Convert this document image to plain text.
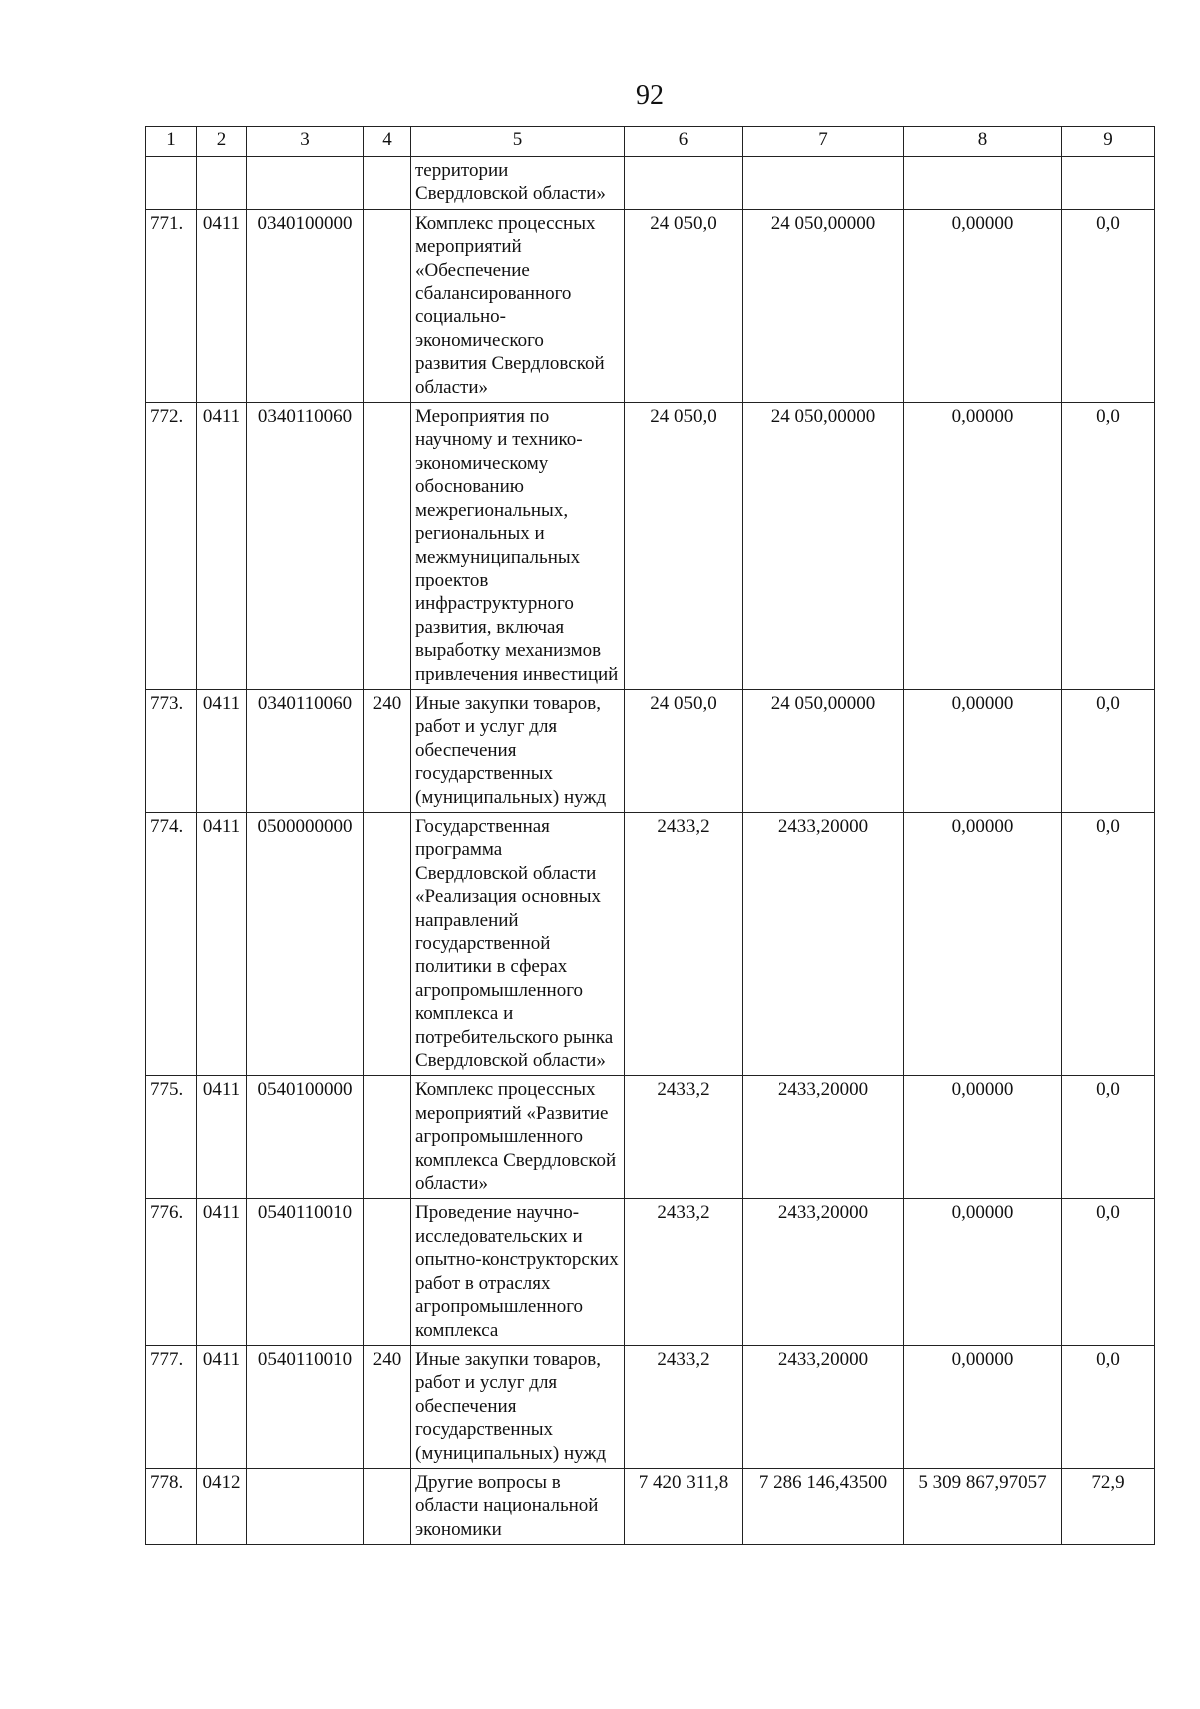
92
1	2	3	4	5	6	7	8	9
				территории Свердловской области»				
771.	0411	0340100000		Комплекс процессных мероприятий «Обеспечение сбалансированного социально-экономического развития Свердловской области»	24 050,0	24 050,00000	0,00000	0,0
772.	0411	0340110060		Мероприятия по научному и технико-экономическому обоснованию межрегиональных, региональных и межмуниципальных проектов инфраструктурного развития, включая выработку механизмов привлечения инвестиций	24 050,0	24 050,00000	0,00000	0,0
773.	0411	0340110060	240	Иные закупки товаров, работ и услуг для обеспечения государственных (муниципальных) нужд	24 050,0	24 050,00000	0,00000	0,0
774.	0411	0500000000		Государственная программа Свердловской области «Реализация основных направлений государственной политики в сферах агропромышленного комплекса и потребительского рынка Свердловской области»	2433,2	2433,20000	0,00000	0,0
775.	0411	0540100000		Комплекс процессных мероприятий «Развитие агропромышленного комплекса Свердловской области»	2433,2	2433,20000	0,00000	0,0
776.	0411	0540110010		Проведение научно-исследовательских и опытно-конструкторских работ в отраслях агропромышленного комплекса	2433,2	2433,20000	0,00000	0,0
777.	0411	0540110010	240	Иные закупки товаров, работ и услуг для обеспечения государственных (муниципальных) нужд	2433,2	2433,20000	0,00000	0,0
778.	0412			Другие вопросы в области национальной экономики	7 420 311,8	7 286 146,43500	5 309 867,97057	72,9
